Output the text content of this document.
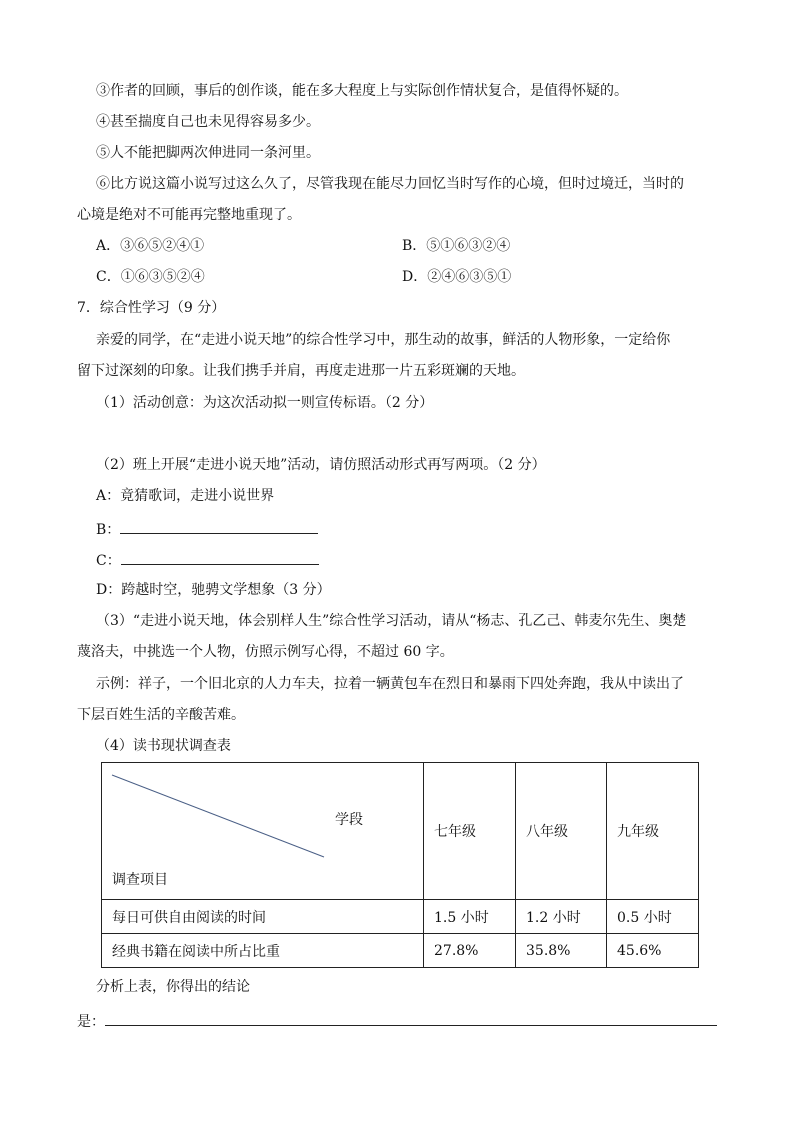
③作者的回顾，事后的创作谈，能在多大程度上与实际创作情状复合，是值得怀疑的。
④甚至揣度自己也未见得容易多少。
⑤人不能把脚两次伸进同一条河里。
⑥比方说这篇小说写过这么久了，尽管我现在能尽力回忆当时写作的心境，但时过境迁，当时的
心境是绝对不可能再完整地重现了。
A．③⑥⑤②④①	B．⑤①⑥③②④
C．①⑥③⑤②④	D．②④⑥③⑤①
7．综合性学习（9 分）
亲爱的同学，在“走进小说天地”的综合性学习中，那生动的故事，鲜活的人物形象，一定给你
留下过深刻的印象。让我们携手并肩，再度走进那一片五彩斑斓的天地。
（1）活动创意：为这次活动拟一则宣传标语。（2 分）
（2）班上开展“走进小说天地”活动，请仿照活动形式再写两项。（2 分）
A：竟猜歌词，走进小说世界
B：
C：
D：跨越时空，驰骋文学想象（3 分）
（3）“走进小说天地，体会别样人生”综合性学习活动，请从“杨志、孔乙己、韩麦尔先生、奥楚
蔑洛夫，中挑选一个人物，仿照示例写心得，不超过 60 字。
示例：祥子，一个旧北京的人力车夫，拉着一辆黄包车在烈日和暴雨下四处奔跑，我从中读出了
下层百姓生活的辛酸苦难。
（4）读书现状调查表
学段
调查项目	七年级	八年级	九年级
每日可供自由阅读的时间	1.5 小时	1.2 小时	0.5 小时
经典书籍在阅读中所占比重	27.8%	35.8%	45.6%
分析上表，你得出的结论
是：
